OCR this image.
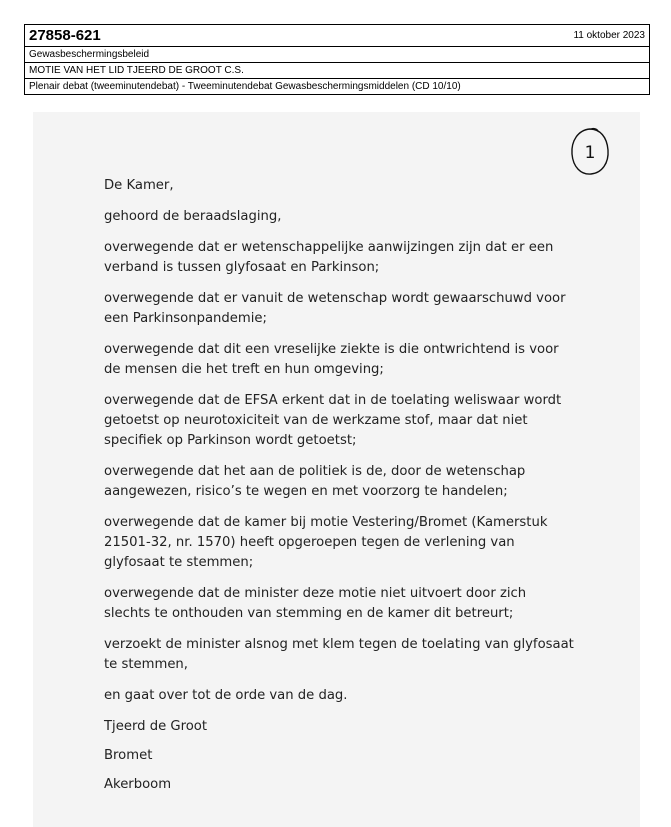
27858-621	11 oktober 2023
Gewasbeschermingsbeleid
MOTIE VAN HET LID TJEERD DE GROOT C.S.
Plenair debat (tweeminutendebat) - Tweeminutendebat Gewasbeschermingsmiddelen (CD 10/10)
1

De Kamer,

gehoord de beraadslaging,

overwegende dat er wetenschappelijke aanwijzingen zijn dat er een verband is tussen glyfosaat en Parkinson;

overwegende dat er vanuit de wetenschap wordt gewaarschuwd voor een Parkinsonpandemie;

overwegende dat dit een vreselijke ziekte is die ontwrichtend is voor de mensen die het treft en hun omgeving;

overwegende dat de EFSA erkent dat in de toelating weliswaar wordt getoetst op neurotoxiciteit van de werkzame stof, maar dat niet specifiek op Parkinson wordt getoetst;

overwegende dat het aan de politiek is de, door de wetenschap aangewezen, risico’s te wegen en met voorzorg te handelen;

overwegende dat de kamer bij motie Vestering/Bromet (Kamerstuk 21501-32, nr. 1570) heeft opgeroepen tegen de verlening van glyfosaat te stemmen;

overwegende dat de minister deze motie niet uitvoert door zich slechts te onthouden van stemming en de kamer dit betreurt;

verzoekt de minister alsnog met klem tegen de toelating van glyfosaat te stemmen,

en gaat over tot de orde van de dag.

Tjeerd de Groot

Bromet

Akerboom
